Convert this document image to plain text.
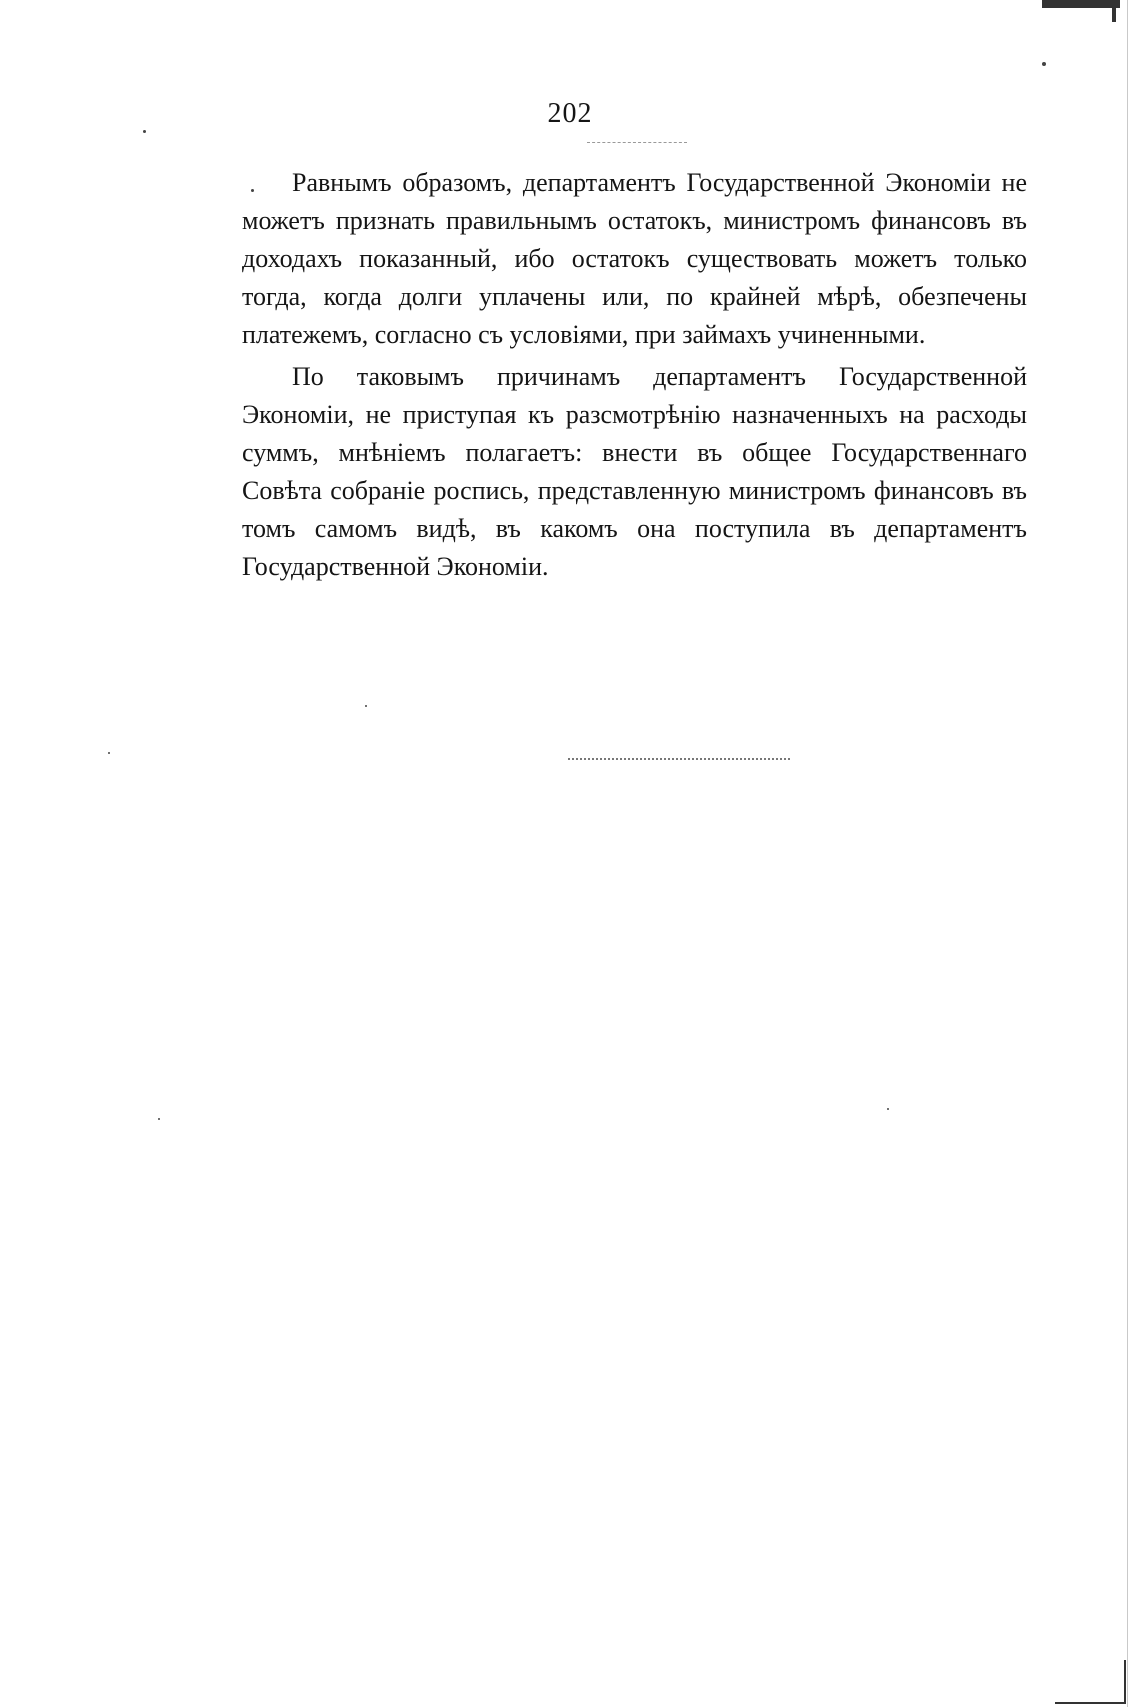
202

Равнымъ образомъ, департаментъ Государственной Экономіи не можетъ признать правильнымъ остатокъ, министромъ финансовъ въ доходахъ показанный, ибо остатокъ существовать можетъ только тогда, когда долги уплачены или, по крайней мѣрѣ, обезпечены платежемъ, согласно съ условіями, при займахъ учиненными.

По таковымъ причинамъ департаментъ Государственной Экономіи, не приступая къ разсмотрѣнію назначенныхъ на расходы суммъ, мнѣніемъ полагаетъ: внести въ общее Государственнаго Совѣта собраніе роспись, представленную министромъ финансовъ въ томъ самомъ видѣ, въ какомъ она поступила въ департаментъ Государственной Экономіи.
